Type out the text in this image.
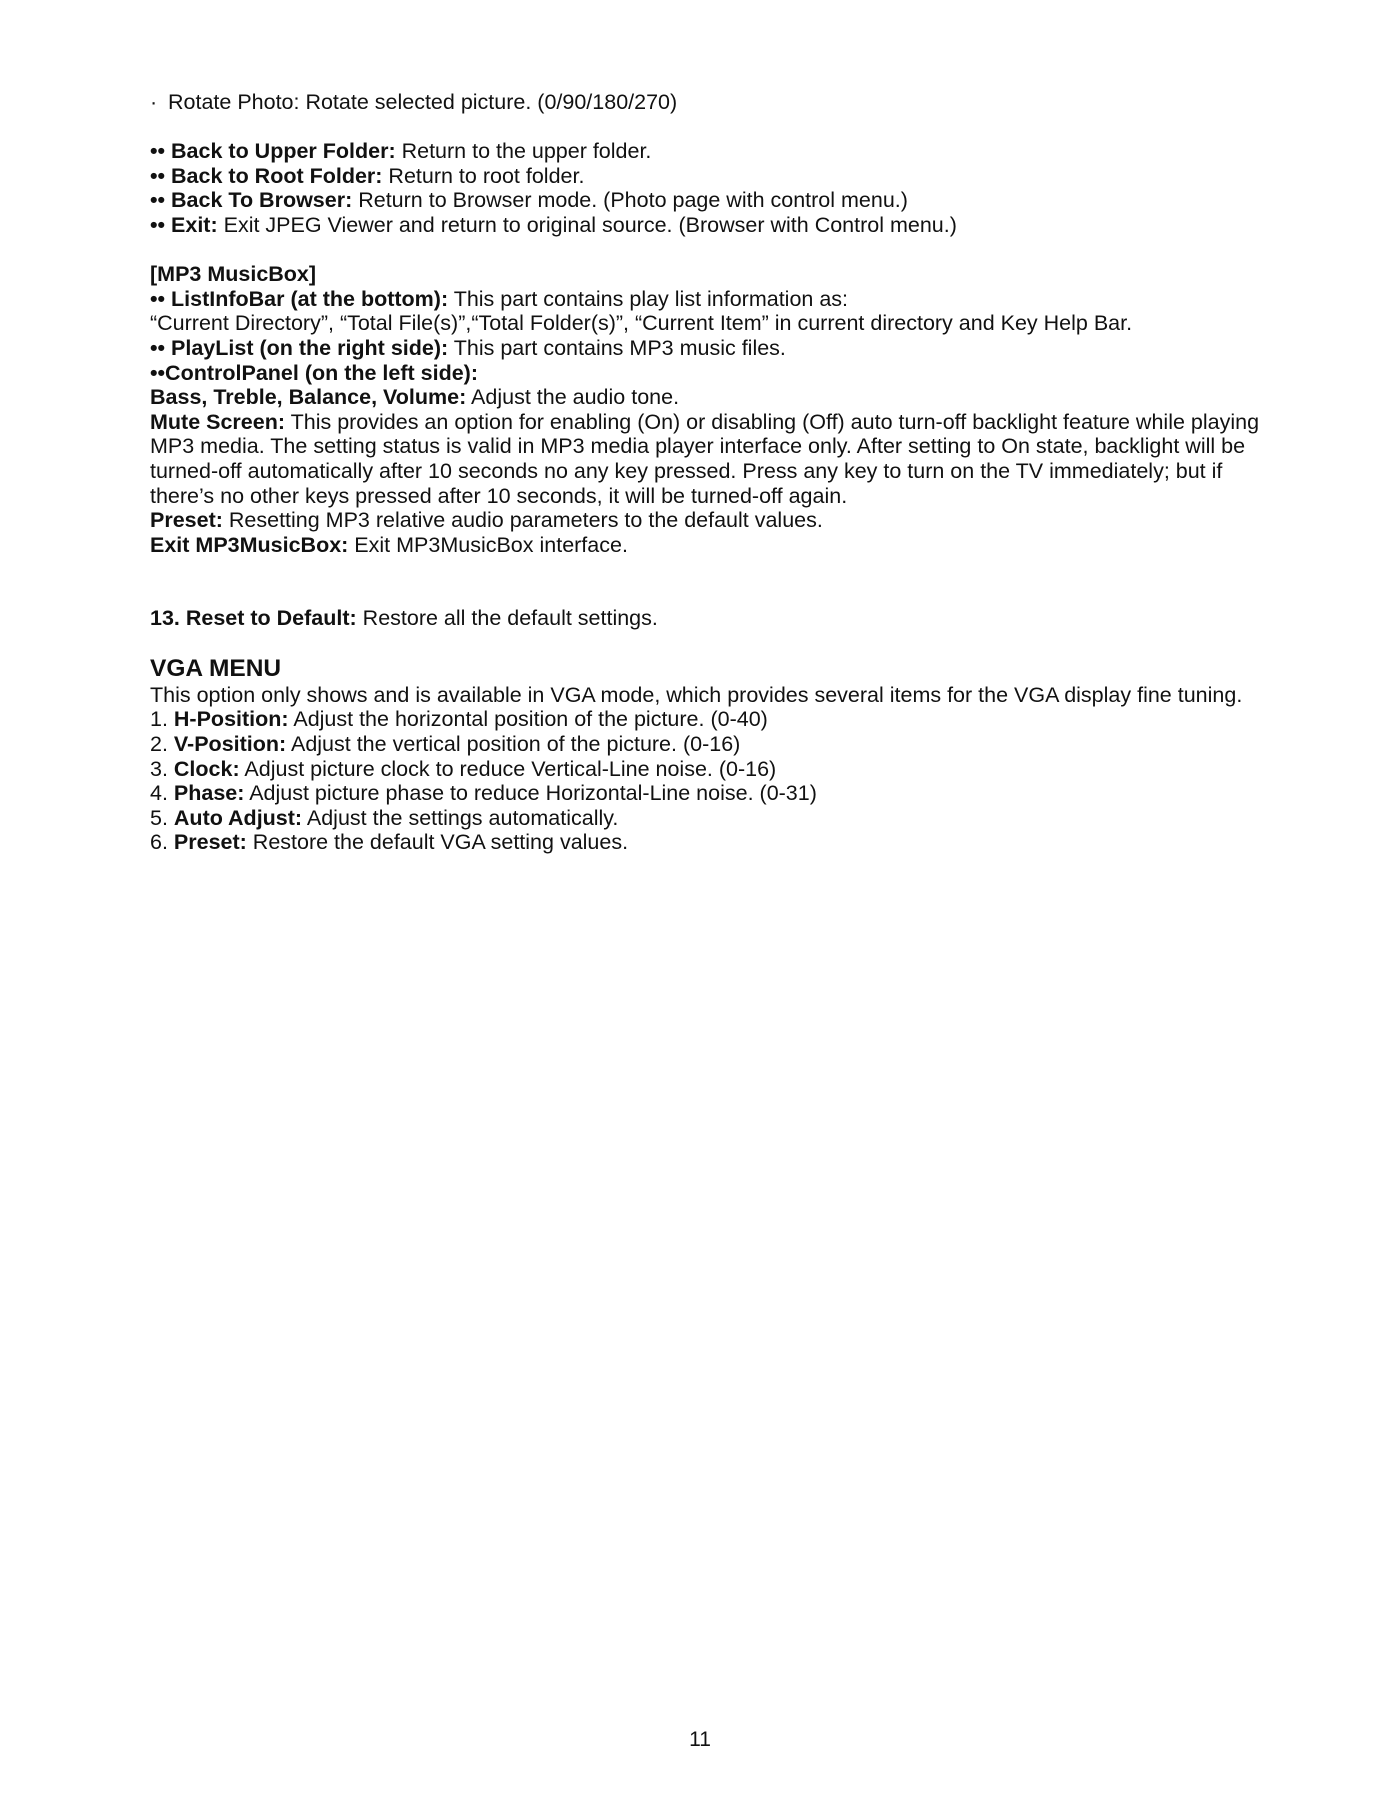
· Rotate Photo: Rotate selected picture. (0/90/180/270)
•• Back to Upper Folder: Return to the upper folder.
•• Back to Root Folder: Return to root folder.
•• Back To Browser: Return to Browser mode. (Photo page with control menu.)
•• Exit: Exit JPEG Viewer and return to original source. (Browser with Control menu.)
[MP3 MusicBox]
•• ListInfoBar (at the bottom): This part contains play list information as:
“Current Directory”, “Total File(s)”,“Total Folder(s)”, “Current Item” in current directory and Key Help Bar.
•• PlayList (on the right side): This part contains MP3 music files.
••ControlPanel (on the left side):
Bass, Treble, Balance, Volume: Adjust the audio tone.
Mute Screen: This provides an option for enabling (On) or disabling (Off) auto turn-off backlight feature while playing MP3 media. The setting status is valid in MP3 media player interface only. After setting to On state, backlight will be turned-off automatically after 10 seconds no any key pressed. Press any key to turn on the TV immediately; but if there’s no other keys pressed after 10 seconds, it will be turned-off again.
Preset: Resetting MP3 relative audio parameters to the default values.
Exit MP3MusicBox: Exit MP3MusicBox interface.
13. Reset to Default: Restore all the default settings.
VGA MENU
This option only shows and is available in VGA mode, which provides several items for the VGA display fine tuning.
1. H-Position: Adjust the horizontal position of the picture. (0-40)
2. V-Position: Adjust the vertical position of the picture. (0-16)
3. Clock: Adjust picture clock to reduce Vertical-Line noise. (0-16)
4. Phase: Adjust picture phase to reduce Horizontal-Line noise. (0-31)
5. Auto Adjust: Adjust the settings automatically.
6. Preset: Restore the default VGA setting values.
11
